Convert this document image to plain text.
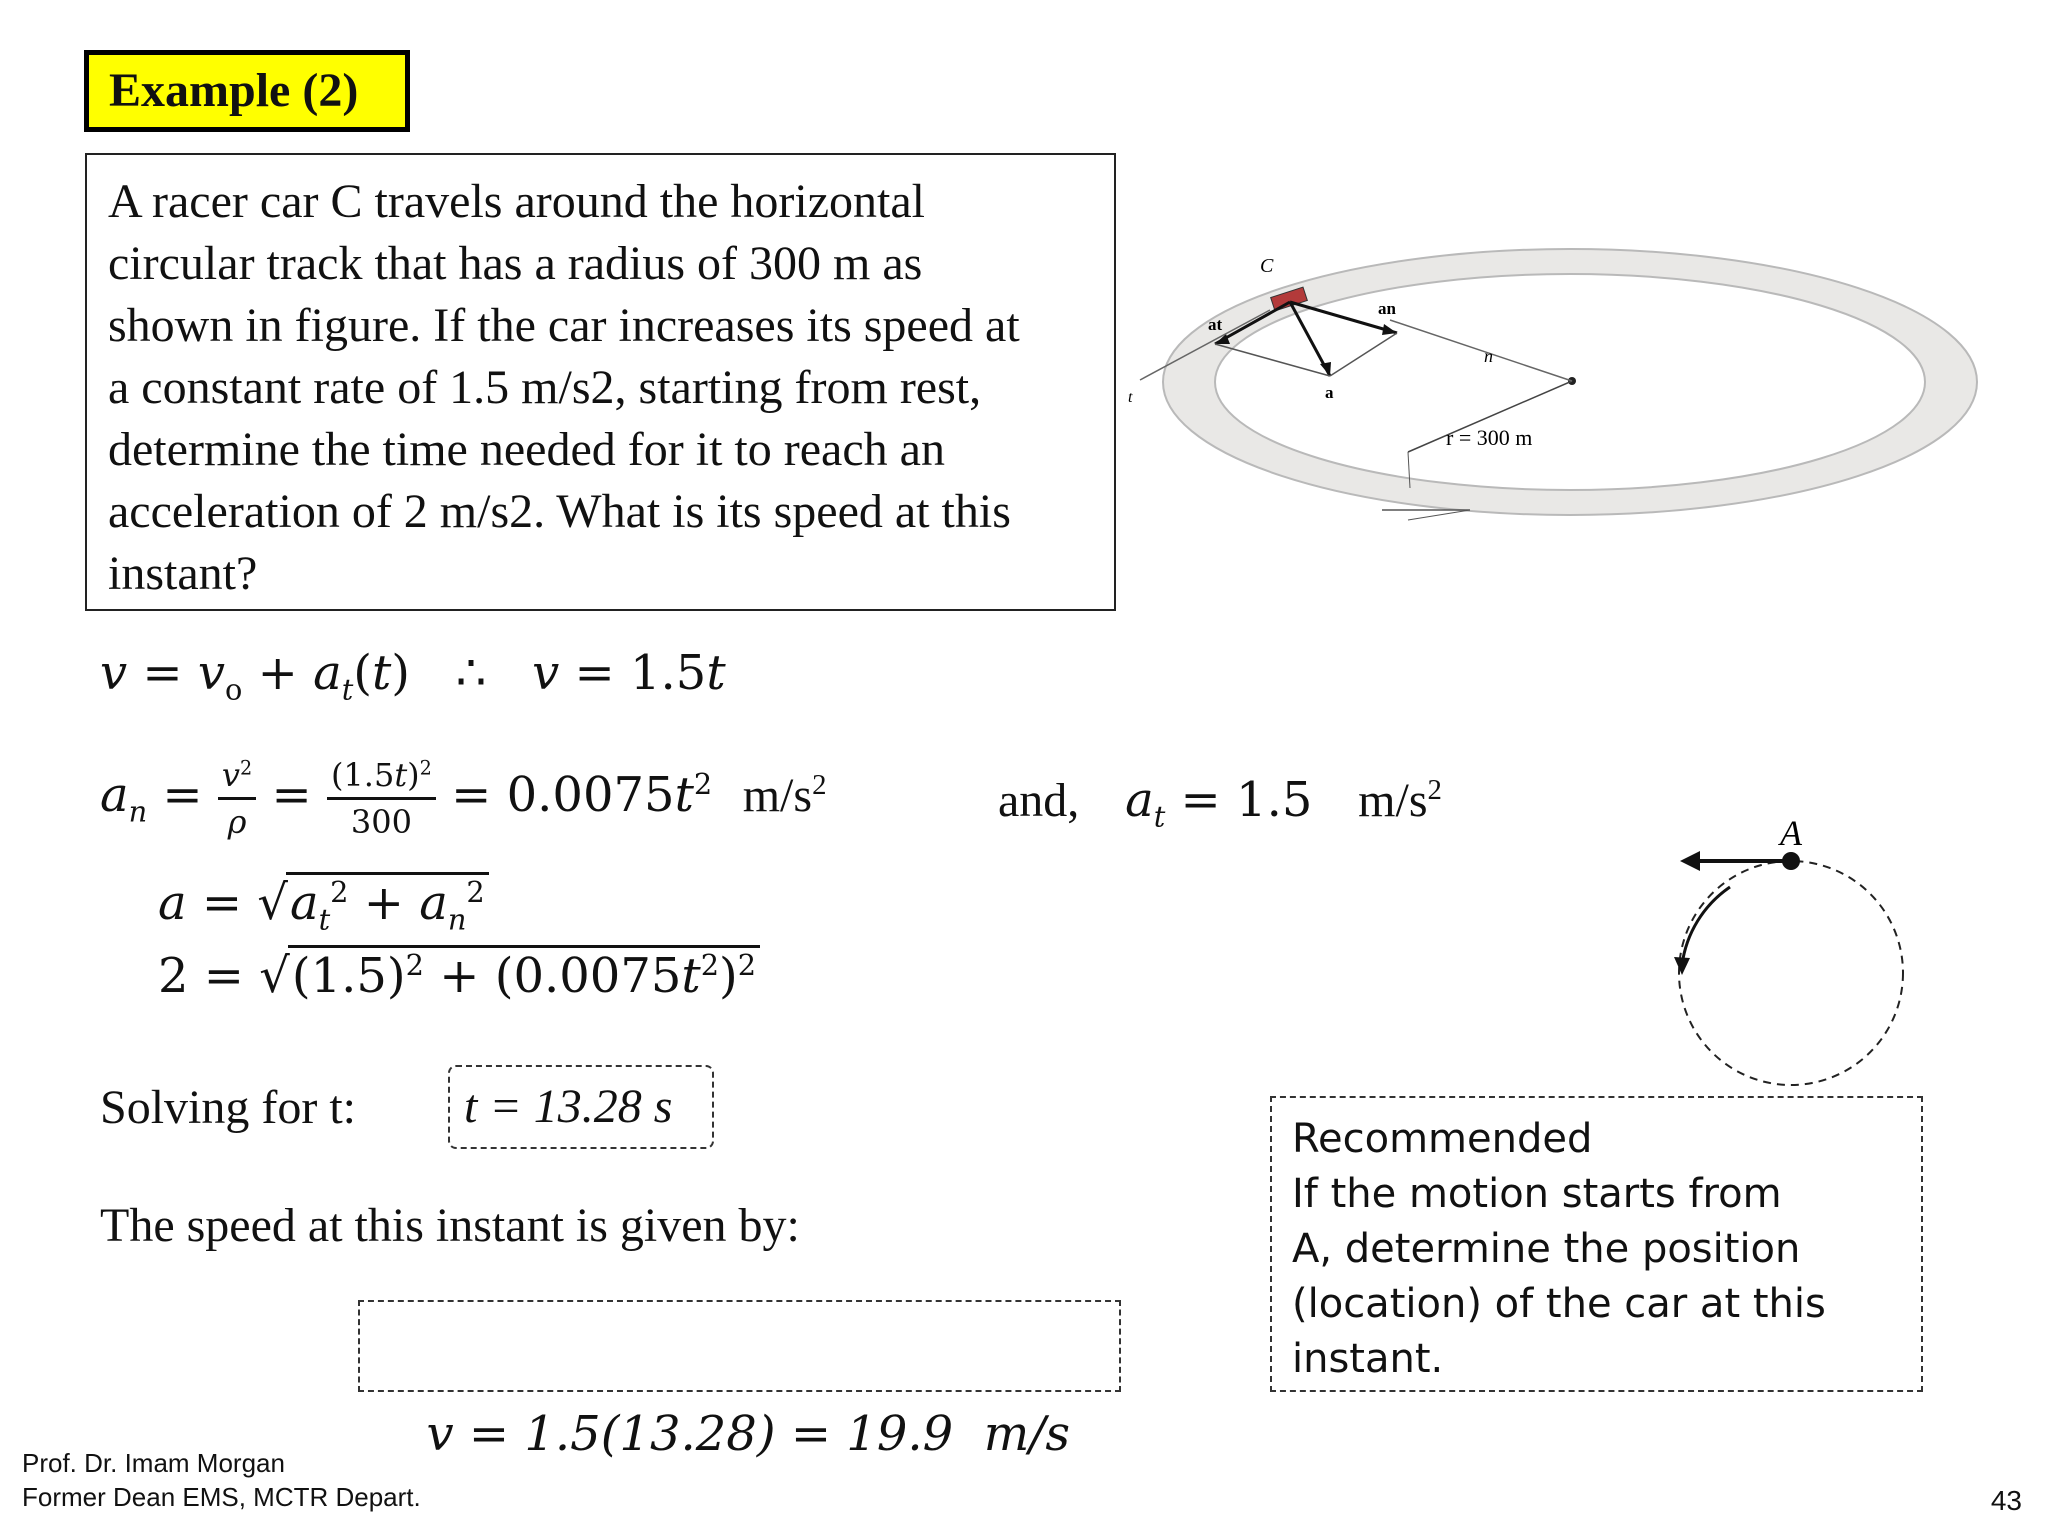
Example (2)

A racer car C travels around the horizontal

circular track that has a radius of 300 m as

shown in figure. If the car increases its speed at

a constant rate of 1.5 m/s2, starting from rest,

determine the time needed for it to reach an

acceleration of 2 m/s2. What is its speed at this

instant?

C
at
an
a
n
t
r = 300 m
$v = v_o + a_t(t)$   ∴   v = 1.5t
$a_n = \frac{v^2}{\rho} = \frac{(1.5t)^2}{300} = 0.0075t^2$ $m/s^2$	and, $a_t = 1.5$   $m/s^2$
$a = √a_t^2 + a_n^2$
$2 = √(1.5)^2 + (0.0075t^2)^2$
Solving for t:	t = 13.28 s
The speed at this instant is given by:

v = 1.5(13.28) = 19.9  m/s

A
Recommended
If the motion starts from
A, determine the position
(location) of the car at this
instant.
Prof. Dr. Imam Morgan
Former Dean EMS, MCTR Depart.	43
